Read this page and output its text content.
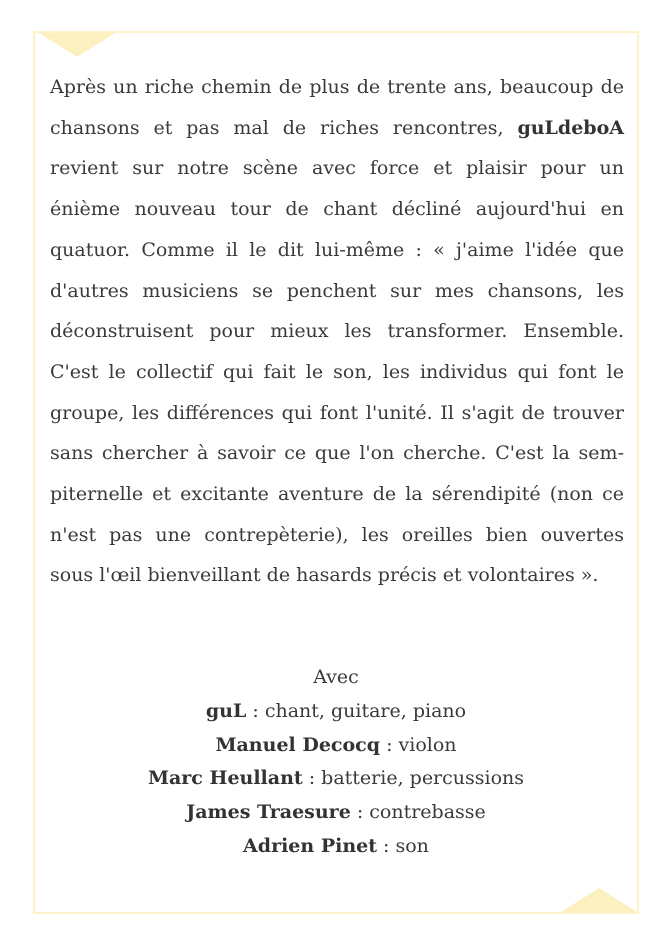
Après un riche chemin de plus de trente ans, beaucoup de chansons et pas mal de riches rencontres, guLdeboA revient sur notre scène avec force et plaisir pour un énième nouveau tour de chant décliné aujourd'hui en quatuor. Comme il le dit lui-même : « j'aime l'idée que d'autres musiciens se penchent sur mes chansons, les déconstruisent pour mieux les transformer. Ensemble. C'est le collectif qui fait le son, les individus qui font le groupe, les différences qui font l'unité. Il s'agit de trouver sans chercher à savoir ce que l'on cherche. C'est la sempiternelle et excitante aventure de la sérendipité (non ce n'est pas une contrepèterie), les oreilles bien ouvertes sous l'œil bienveillant de hasards précis et volontaires ».

Avec
guL : chant, guitare, piano
Manuel Decocq : violon
Marc Heullant : batterie, percussions
James Traesure : contrebasse
Adrien Pinet : son
